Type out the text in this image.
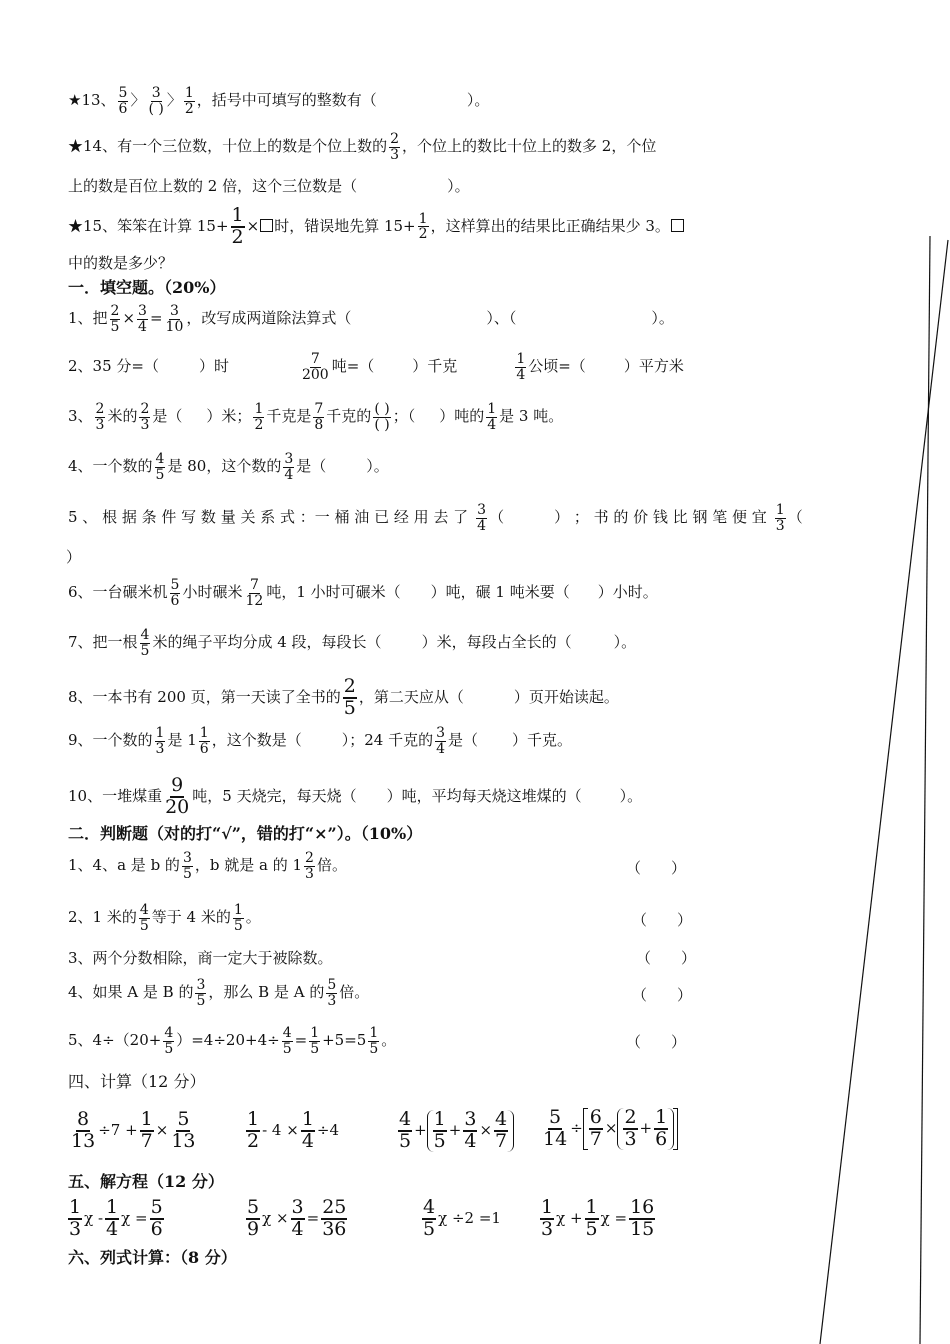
★13、 $\frac{5}{6}$ 〉 3
( ) 〉 $\frac{1}{2}$ ，括号中可填写的整数有（	）。
★14、有一个三位数，十位上的数是个位上数的 $\frac{2}{3}$ ，个位上的数比十位上的数多 2，个位
上的数是百位上数的 2 倍，这个三位数是（	）。
★15、笨笨在计算 $15+ \frac{1}{2}$ × 时，错误地先算 $15+ \frac{1}{2}$ ，这样算出的结果比正确结果少 3。
中的数是多少？
一．填空题。（20%）
1、把 $\frac{2}{5} \times \frac{3}{4} = \frac{3}{10}$ ，改写成两道除法算式（	）、（	）。
2、35 分=（	）时	$\frac{7}{200}$ 吨=（	）千克	$\frac{1}{4}$ 公顷=（	）平方米
3、 $\frac{2}{3}$ 米的 $\frac{2}{3}$ 是（ ）米； $\frac{1}{2}$ 千克是 $\frac{7}{8}$ 千克的 ( )
( ) ；（ ）吨的 $\frac{1}{4}$ 是 3 吨。
4、一个数的 $\frac{4}{5}$ 是 80，这个数的 $\frac{3}{4}$ 是（	）。
5 、 根 据 条 件 写 数 量 关 系 式 ：一 桶 油 已 经 用 去 了 $\frac{3}{4}$ （	） ； 书 的 价 钱 比 钢 笔 便 宜 $\frac{1}{3}$ （
）
6、一台碾米机 $\frac{5}{6}$ 小时碾米 $\frac{7}{12}$ 吨，1 小时可碾米（ ）吨，碾 1 吨米要（ ）小时。
7、把一根 $\frac{4}{5}$ 米的绳子平均分成 4 段，每段长（	）米，每段占全长的（	）。
8、一本书有 200 页，第一天读了全书的 $\frac{2}{5}$ ，第二天应从（	）页开始读起。
9、一个数的 $\frac{1}{3}$ 是 $1 \frac{1}{6}$ ，这个数是（	）；24 千克的 $\frac{3}{4}$ 是（ ）千克。
10、一堆煤重 $\frac{9}{20}$ 吨，5 天烧完，每天烧（ ）吨，平均每天烧这堆煤的（	）。
二．判断题（对的打“√”，错的打“×”）。（10%）
1、4、a 是 b 的 $\frac{3}{5}$ ，b 就是 a 的 $1 \frac{2}{3}$ 倍。	（　　）
2、1 米的 $\frac{4}{5}$ 等于 4 米的 $\frac{1}{5}$ 。	（　　）
3、两个分数相除，商一定大于被除数。	（　　）
4、如果 A 是 B 的 $\frac{3}{5}$ ，那么 B 是 A 的 $\frac{5}{3}$ 倍。	（　　）
5、$4\div(20+ \frac{4}{5} )=4\div 20+4\div \frac{4}{5} = \frac{1}{5} +5=5 \frac{1}{5}$ 。	（　　）
四、计算（12 分）
$\frac{8}{13} \div 7 + \frac{1}{7} \times \frac{5}{13}$	$\frac{1}{2} - 4 \times \frac{1}{4} \div 4$	$\frac{4}{5} + \frac{1}{5} + \frac{3}{4} \times \frac{4}{7} \frac{5}{14} \div \frac{6}{7} \times \frac{2}{3} + \frac{1}{6}$
五、解方程（12 分）
$\frac{1}{3}$ χ - $\frac{1}{4}$ $\chi = \frac{5}{6}$	$\frac{5}{9}$ $\chi \times \frac{3}{4} = \frac{25}{36}$	$\frac{4}{5}$ $\chi \div 2 =1 \frac{1}{3}$ $\chi + \frac{1}{5}$ $\chi = \frac{16}{15}$
六、列式计算：（8 分）
